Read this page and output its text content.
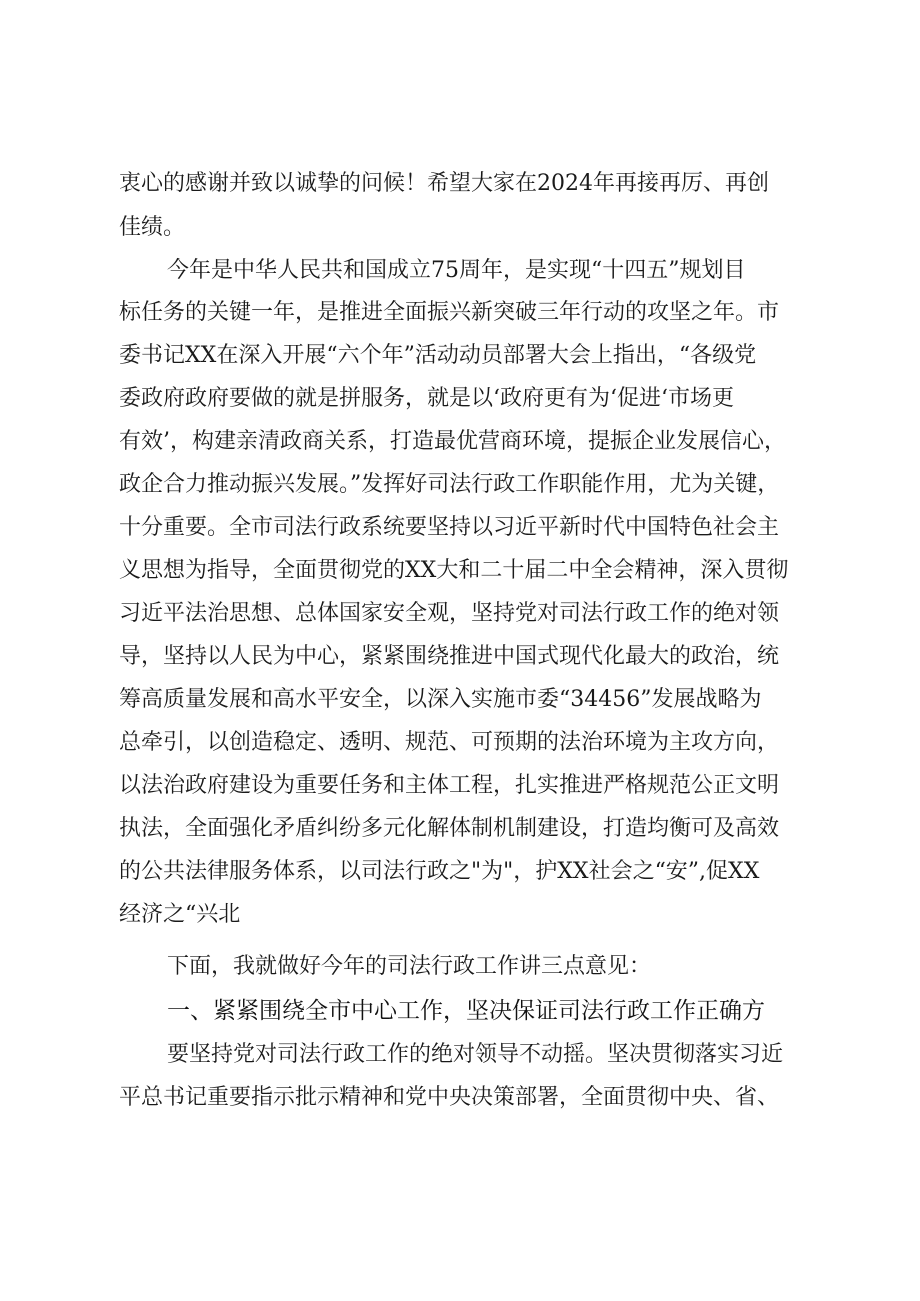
衷心的感谢并致以诚挚的问候！希望大家在2024年再接再厉、再创
佳绩。
今年是中华人民共和国成立75周年，是实现“十四五”规划目
标任务的关键一年，是推进全面振兴新突破三年行动的攻坚之年。市
委书记XX在深入开展“六个年”活动动员部署大会上指出，“各级党
委政府政府要做的就是拼服务，就是以‘政府更有为‘促进‘市场更
有效’，构建亲清政商关系，打造最优营商环境，提振企业发展信心，
政企合力推动振兴发展。”发挥好司法行政工作职能作用，尤为关键，
十分重要。全市司法行政系统要坚持以习近平新时代中国特色社会主
义思想为指导，全面贯彻党的XX大和二十届二中全会精神，深入贯彻
习近平法治思想、总体国家安全观，坚持党对司法行政工作的绝对领
导，坚持以人民为中心，紧紧围绕推进中国式现代化最大的政治，统
筹高质量发展和高水平安全，以深入实施市委“34456”发展战略为
总牵引，以创造稳定、透明、规范、可预期的法治环境为主攻方向，
以法治政府建设为重要任务和主体工程，扎实推进严格规范公正文明
执法，全面强化矛盾纠纷多元化解体制机制建设，打造均衡可及高效
的公共法律服务体系，以司法行政之"为"，护XX社会之“安”,促XX
经济之“兴北
下面，我就做好今年的司法行政工作讲三点意见：
一、紧紧围绕全市中心工作，坚决保证司法行政工作正确方
要坚持党对司法行政工作的绝对领导不动摇。坚决贯彻落实习近
平总书记重要指示批示精神和党中央决策部署，全面贯彻中央、省、
